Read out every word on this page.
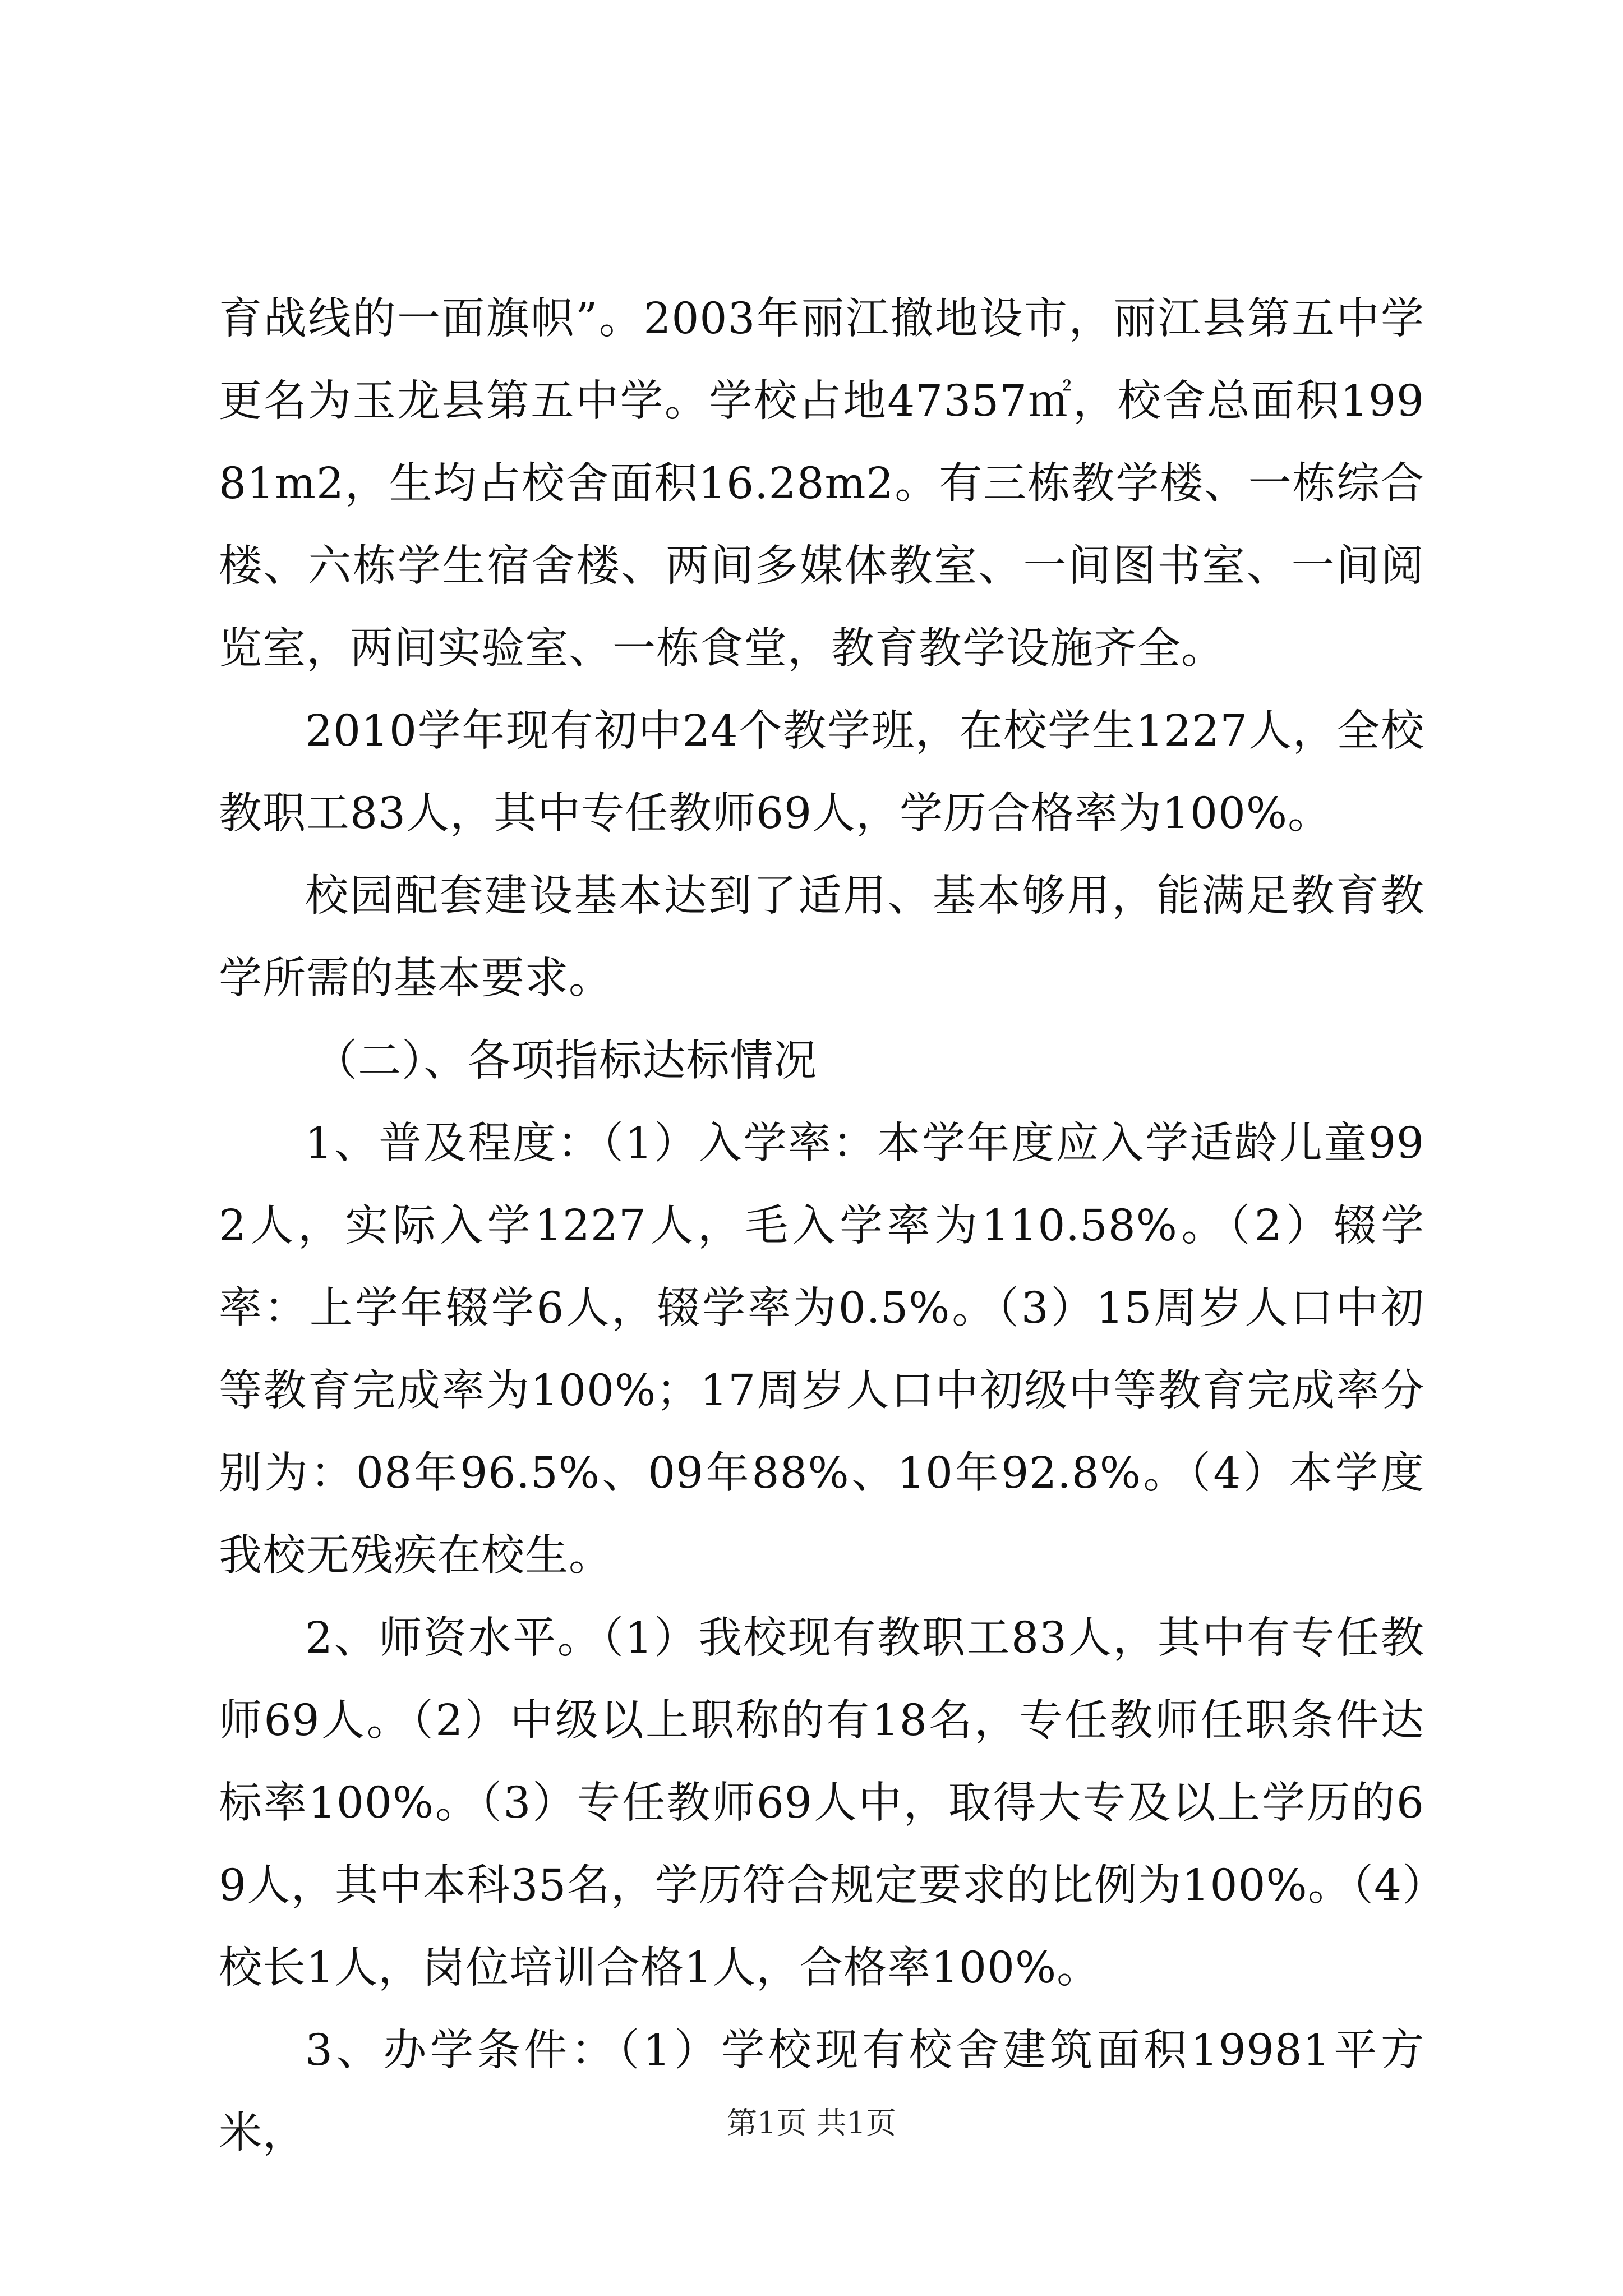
育战线的一面旗帜”。2003年丽江撤地设市，丽江县第五中学更名为玉龙县第五中学。学校占地47357㎡，校舍总面积19981m2，生均占校舍面积16.28m2。有三栋教学楼、一栋综合楼、六栋学生宿舍楼、两间多媒体教室、一间图书室、一间阅览室，两间实验室、一栋食堂，教育教学设施齐全。

2010学年现有初中24个教学班，在校学生1227人，全校教职工83人，其中专任教师69人，学历合格率为100%。

校园配套建设基本达到了适用、基本够用，能满足教育教学所需的基本要求。

（二）、各项指标达标情况

1、普及程度：（1）入学率：本学年度应入学适龄儿童992人，实际入学1227人，毛入学率为110.58%。（2）辍学率：上学年辍学6人，辍学率为0.5%。（3）15周岁人口中初等教育完成率为100%；17周岁人口中初级中等教育完成率分别为：08年96.5%、09年88%、10年92.8%。（4）本学度我校无残疾在校生。

2、师资水平。（1）我校现有教职工83人，其中有专任教师69人。（2）中级以上职称的有18名，专任教师任职条件达标率100%。（3）专任教师69人中，取得大专及以上学历的69人，其中本科35名，学历符合规定要求的比例为100%。（4）校长1人，岗位培训合格1人，合格率100%。

3、办学条件：（1）学校现有校舍建筑面积19981平方米，	第1页 共1页
